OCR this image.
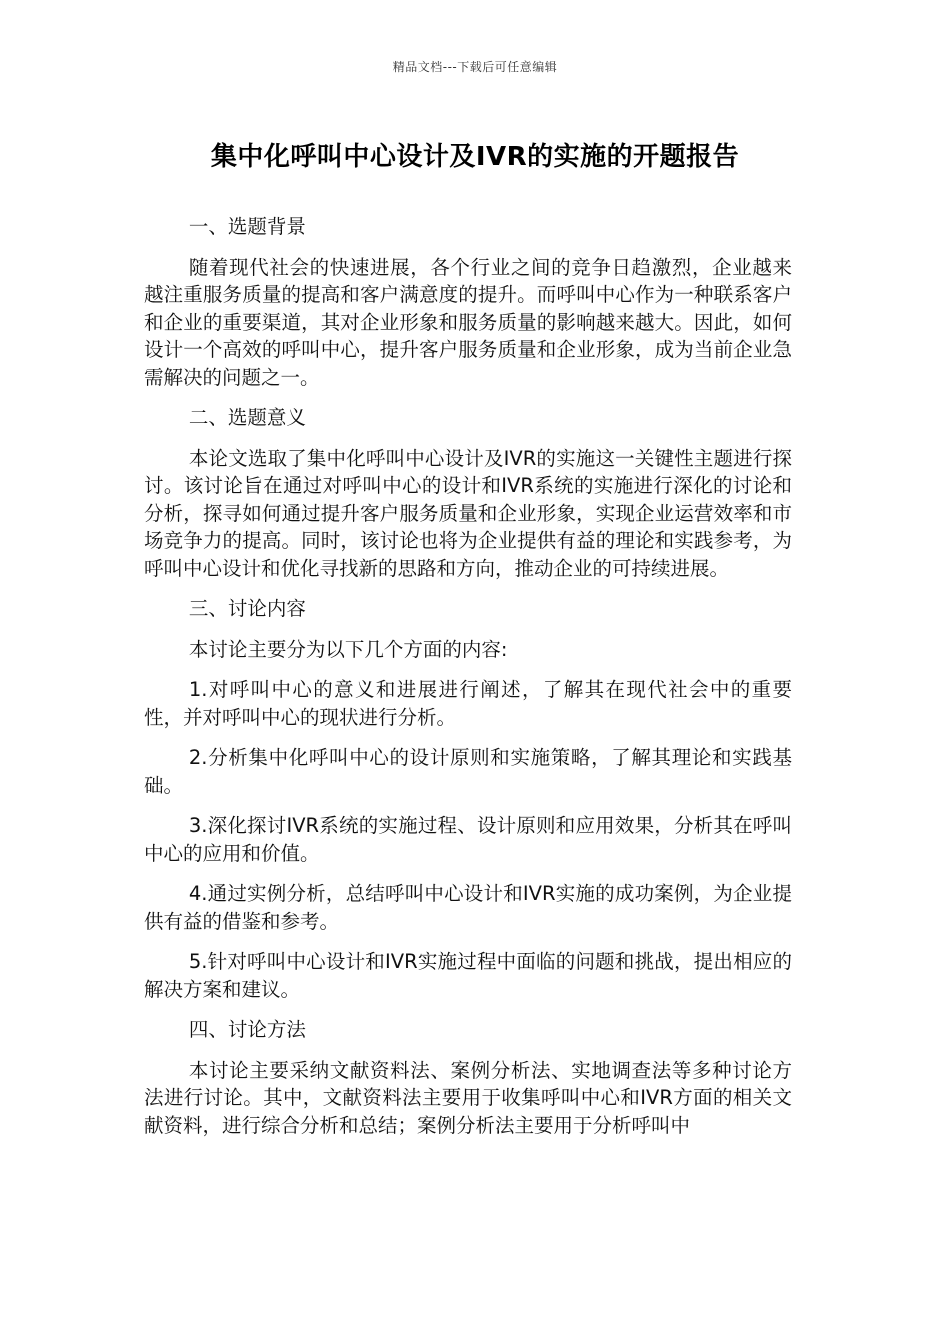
精品文档---下载后可任意编辑
集中化呼叫中心设计及IVR的实施的开题报告

一、选题背景

随着现代社会的快速进展，各个行业之间的竞争日趋激烈，企业越来越注重服务质量的提高和客户满意度的提升。而呼叫中心作为一种联系客户和企业的重要渠道，其对企业形象和服务质量的影响越来越大。因此，如何设计一个高效的呼叫中心，提升客户服务质量和企业形象，成为当前企业急需解决的问题之一。

二、选题意义

本论文选取了集中化呼叫中心设计及IVR的实施这一关键性主题进行探讨。该讨论旨在通过对呼叫中心的设计和IVR系统的实施进行深化的讨论和分析，探寻如何通过提升客户服务质量和企业形象，实现企业运营效率和市场竞争力的提高。同时，该讨论也将为企业提供有益的理论和实践参考，为呼叫中心设计和优化寻找新的思路和方向，推动企业的可持续进展。

三、讨论内容

本讨论主要分为以下几个方面的内容:

1.对呼叫中心的意义和进展进行阐述，了解其在现代社会中的重要性，并对呼叫中心的现状进行分析。

2.分析集中化呼叫中心的设计原则和实施策略，了解其理论和实践基础。

3.深化探讨IVR系统的实施过程、设计原则和应用效果，分析其在呼叫中心的应用和价值。

4.通过实例分析，总结呼叫中心设计和IVR实施的成功案例，为企业提供有益的借鉴和参考。

5.针对呼叫中心设计和IVR实施过程中面临的问题和挑战，提出相应的解决方案和建议。

四、讨论方法

本讨论主要采纳文献资料法、案例分析法、实地调查法等多种讨论方法进行讨论。其中，文献资料法主要用于收集呼叫中心和IVR方面的相关文献资料，进行综合分析和总结；案例分析法主要用于分析呼叫中
